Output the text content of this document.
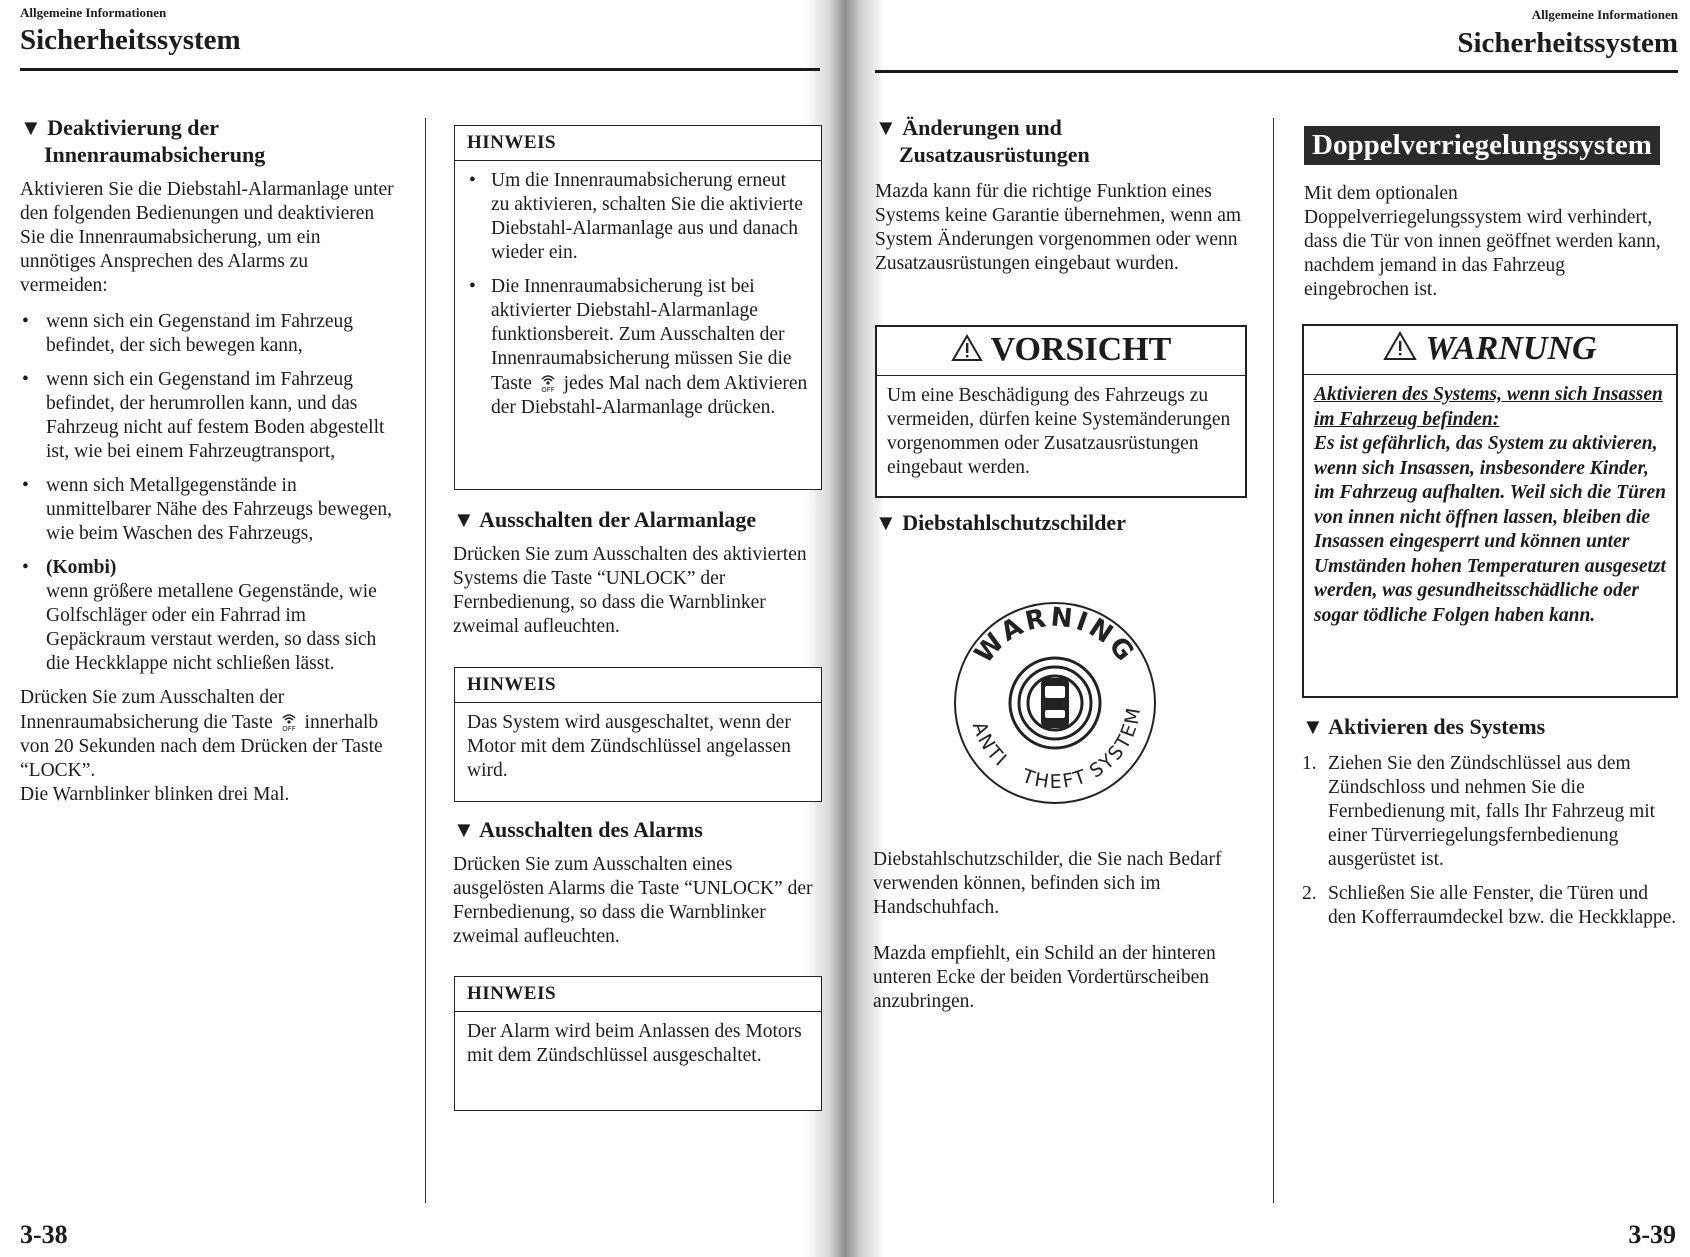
Allgemeine Informationen
Sicherheitssystem
▼ Deaktivierung der
Innenraumabsicherung

Aktivieren Sie die Diebstahl-Alarmanlage unter den folgenden Bedienungen und deaktivieren Sie die Innenraumabsicherung, um ein unnötiges Ansprechen des Alarms zu vermeiden:

• wenn sich ein Gegenstand im Fahrzeug befindet, der sich bewegen kann,
• wenn sich ein Gegenstand im Fahrzeug befindet, der herumrollen kann, und das Fahrzeug nicht auf festem Boden abgestellt ist, wie bei einem Fahrzeugtransport,
• wenn sich Metallgegenstände in unmittelbarer Nähe des Fahrzeugs bewegen, wie beim Waschen des Fahrzeugs,
• (Kombi)
wenn größere metallene Gegenstände, wie Golfschläger oder ein Fahrrad im Gepäckraum verstaut werden, so dass sich die Heckklappe nicht schließen lässt.

Drücken Sie zum Ausschalten der Innenraumabsicherung die Taste OFF innerhalb von 20 Sekunden nach dem Drücken der Taste “LOCK”.
Die Warnblinker blinken drei Mal.

HINWEIS
• Um die Innenraumabsicherung erneut zu aktivieren, schalten Sie die aktivierte Diebstahl-Alarmanlage aus und danach wieder ein.
• Die Innenraumabsicherung ist bei aktivierter Diebstahl-Alarmanlage funktionsbereit. Zum Ausschalten der Innenraumabsicherung müssen Sie die Taste OFF jedes Mal nach dem Aktivieren der Diebstahl-Alarmanlage drücken.
▼ Ausschalten der Alarmanlage

Drücken Sie zum Ausschalten des aktivierten Systems die Taste “UNLOCK” der Fernbedienung, so dass die Warnblinker zweimal aufleuchten.

HINWEIS
Das System wird ausgeschaltet, wenn der Motor mit dem Zündschlüssel angelassen wird.
▼ Ausschalten des Alarms

Drücken Sie zum Ausschalten eines ausgelösten Alarms die Taste “UNLOCK” der Fernbedienung, so dass die Warnblinker zweimal aufleuchten.

HINWEIS
Der Alarm wird beim Anlassen des Motors mit dem Zündschlüssel ausgeschaltet.
3-38
Allgemeine Informationen
Sicherheitssystem
▼ Änderungen und
Zusatzausrüstungen

Mazda kann für die richtige Funktion eines Systems keine Garantie übernehmen, wenn am System Änderungen vorgenommen oder wenn Zusatzausrüstungen eingebaut wurden.

VORSICHT
Um eine Beschädigung des Fahrzeugs zu vermeiden, dürfen keine Systemänderungen vorgenommen oder Zusatzausrüstungen eingebaut werden.
▼ Diebstahlschutzschilder
WARNING
ANTI
THEFT
SYSTEM

Diebstahlschutzschilder, die Sie nach Bedarf verwenden können, befinden sich im Handschuhfach.

Mazda empfiehlt, ein Schild an der hinteren unteren Ecke der beiden Vordertürscheiben anzubringen.

Doppelverriegelungssystem

Mit dem optionalen Doppelverriegelungssystem wird verhindert, dass die Tür von innen geöffnet werden kann, nachdem jemand in das Fahrzeug eingebrochen ist.

WARNUNG
Aktivieren des Systems, wenn sich Insassen im Fahrzeug befinden:
Es ist gefährlich, das System zu aktivieren, wenn sich Insassen, insbesondere Kinder, im Fahrzeug aufhalten. Weil sich die Türen von innen nicht öffnen lassen, bleiben die Insassen eingesperrt und können unter Umständen hohen Temperaturen ausgesetzt werden, was gesundheitsschädliche oder sogar tödliche Folgen haben kann.
▼ Aktivieren des Systems
1. Ziehen Sie den Zündschlüssel aus dem Zündschloss und nehmen Sie die Fernbedienung mit, falls Ihr Fahrzeug mit einer Türverriegelungsfernbedienung ausgerüstet ist.
2. Schließen Sie alle Fenster, die Türen und den Kofferraumdeckel bzw. die Heckklappe.
3-39
